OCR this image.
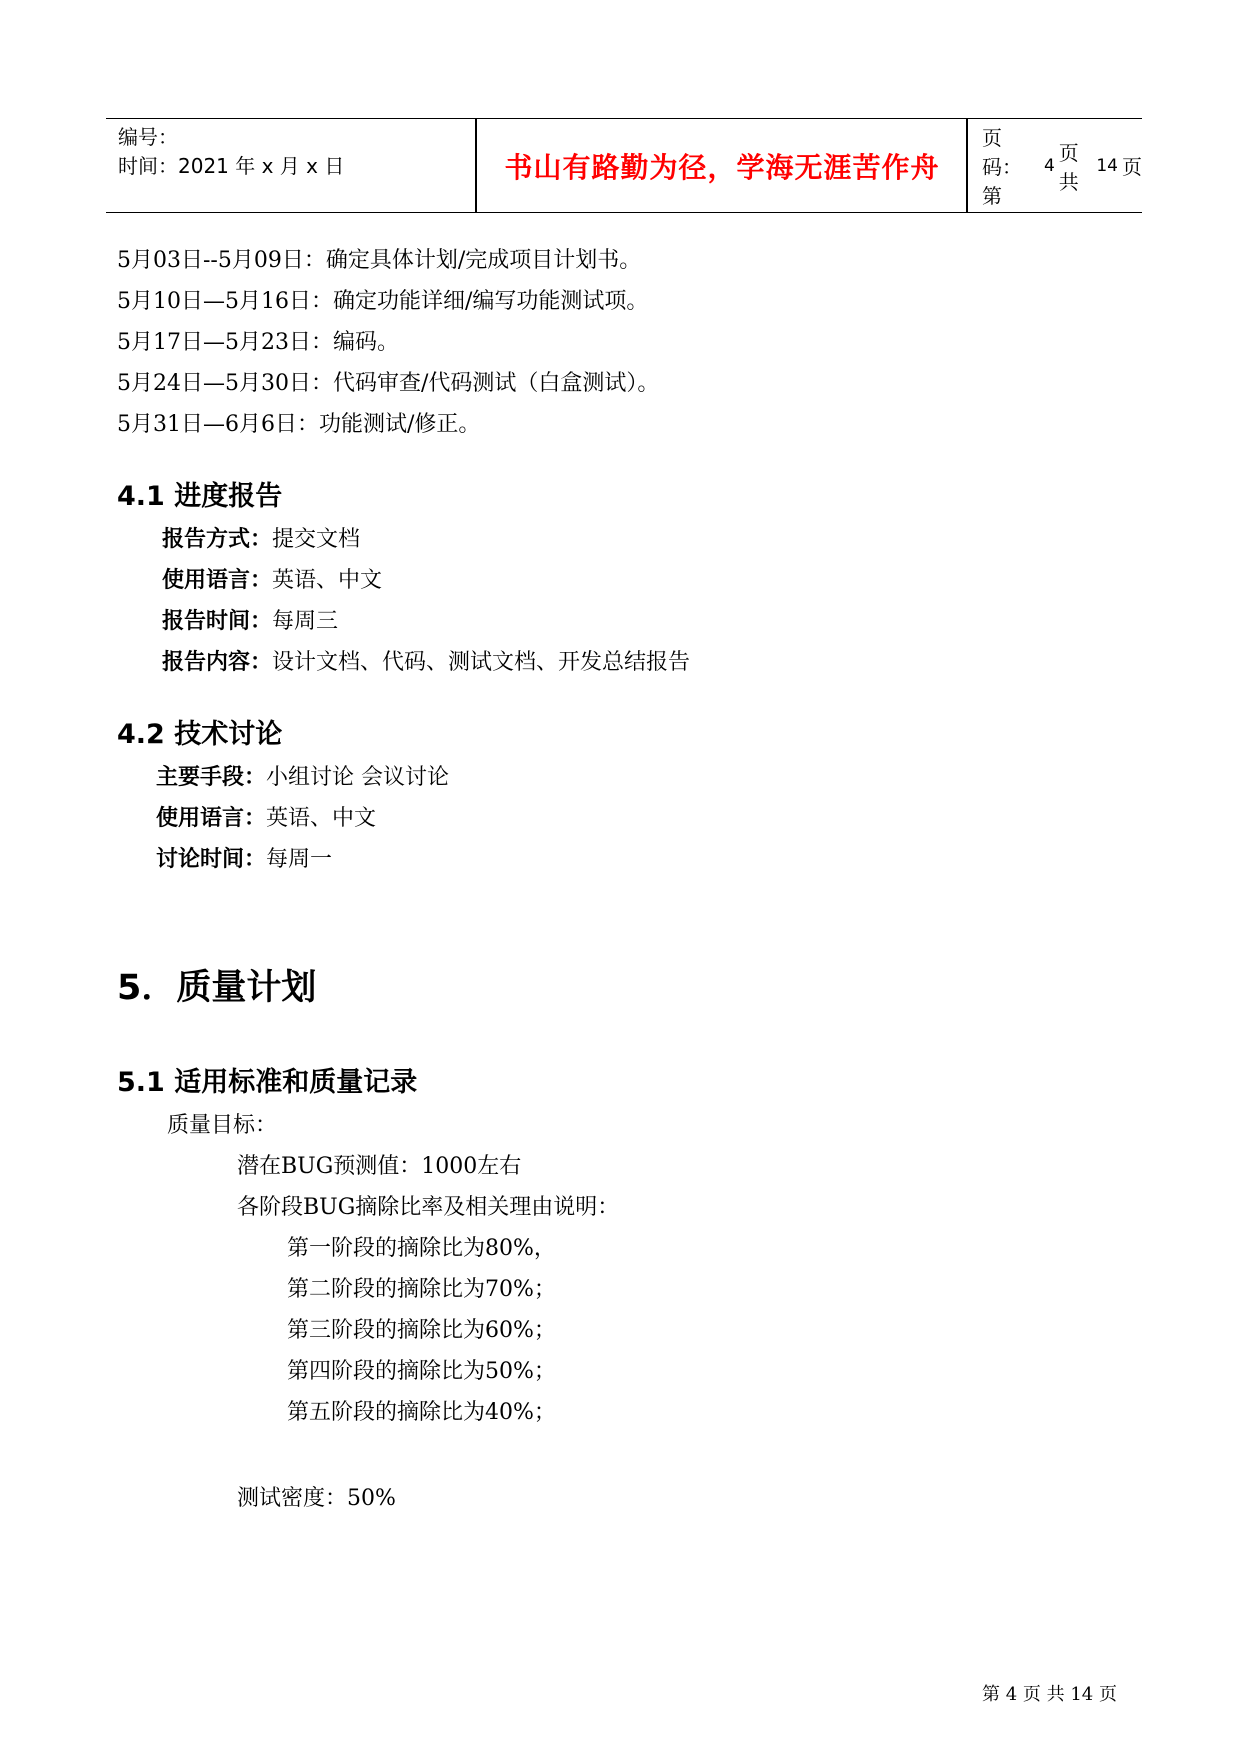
编号：
时间：2021 年 x 月 x 日	书山有路勤为径，学海无涯苦作舟
页码：第
4
页 共
14 页
5月03日--5月09日：确定具体计划/完成项目计划书。
5月10日—5月16日：确定功能详细/编写功能测试项。
5月17日—5月23日：编码。
5月24日—5月30日：代码审查/代码测试（白盒测试）。
5月31日—6月6日：功能测试/修正。
4.1 进度报告
报告方式：提交文档
使用语言：英语、中文
报告时间：每周三
报告内容：设计文档、代码、测试文档、开发总结报告
4.2 技术讨论
主要手段：小组讨论 会议讨论
使用语言：英语、中文
讨论时间：每周一
5．质量计划
5.1 适用标准和质量记录
质量目标：
潜在BUG预测值：1000左右
各阶段BUG摘除比率及相关理由说明：
第一阶段的摘除比为80%，
第二阶段的摘除比为70%；
第三阶段的摘除比为60%；
第四阶段的摘除比为50%；
第五阶段的摘除比为40%；
测试密度：50%
第 4 页 共 14 页
